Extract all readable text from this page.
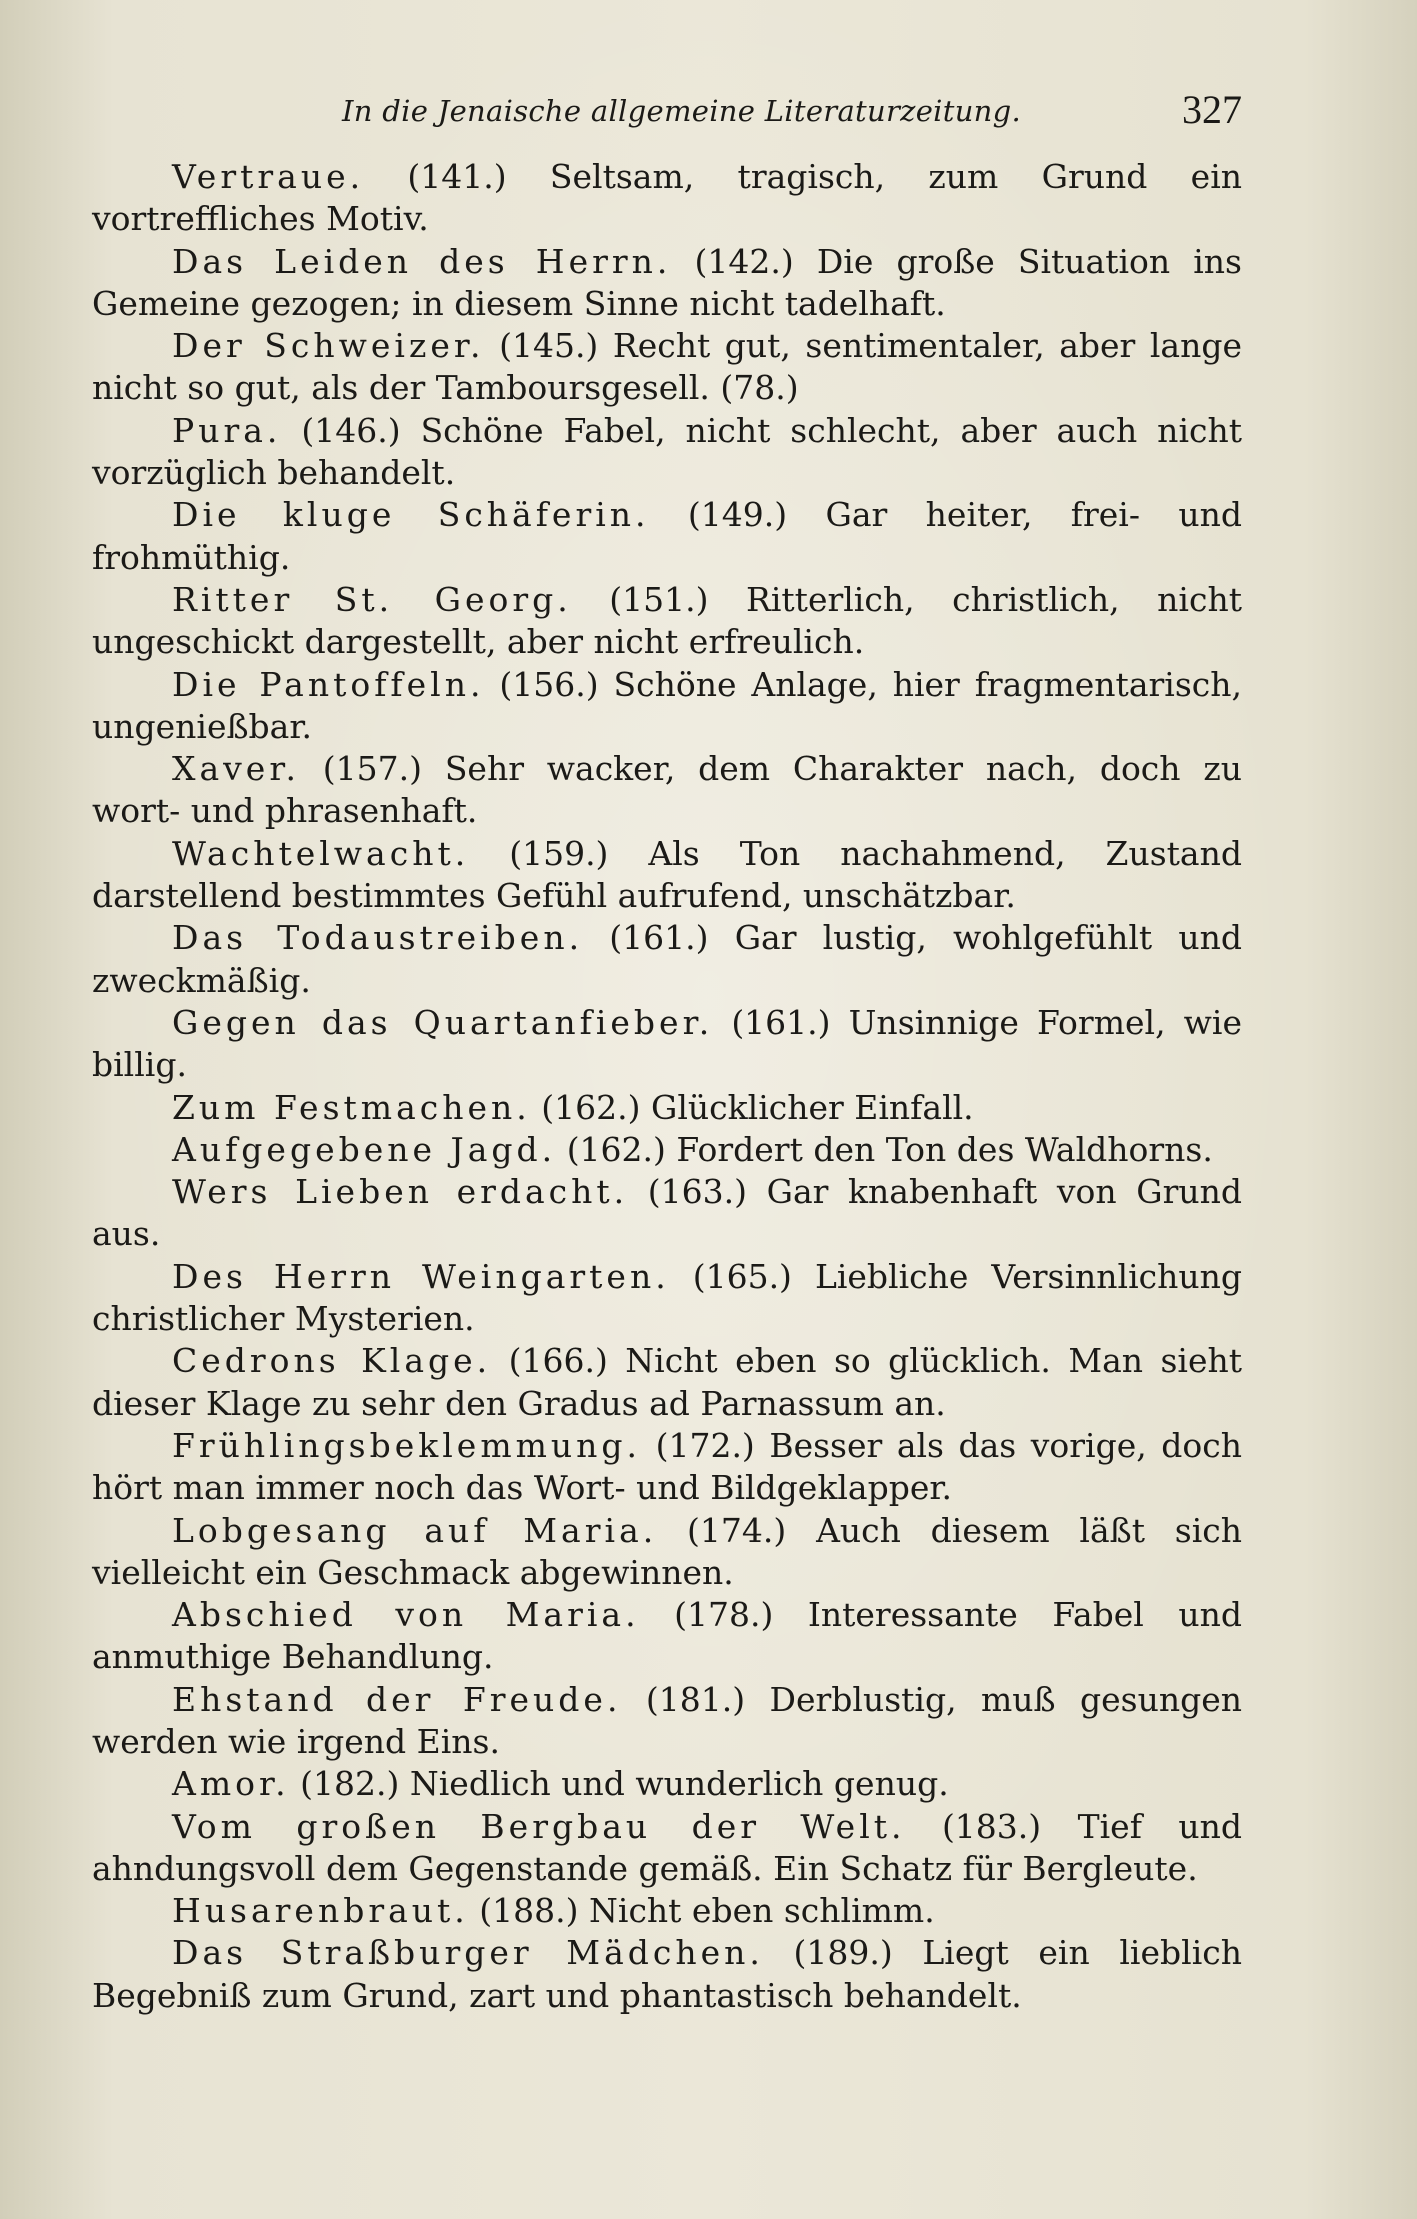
In die Jenaische allgemeine Literaturzeitung.	327

Vertraue. (141.) Seltsam, tragisch, zum Grund ein vortreffliches Motiv.

Das Leiden des Herrn. (142.) Die große Situation ins Gemeine gezogen; in diesem Sinne nicht tadelhaft.

Der Schweizer. (145.) Recht gut, sentimentaler, aber lange nicht so gut, als der Tamboursgesell. (78.)

Pura. (146.) Schöne Fabel, nicht schlecht, aber auch nicht vorzüglich behandelt.

Die kluge Schäferin. (149.) Gar heiter, frei- und frohmüthig.

Ritter St. Georg. (151.) Ritterlich, christlich, nicht ungeschickt dargestellt, aber nicht erfreulich.

Die Pantoffeln. (156.) Schöne Anlage, hier fragmentarisch, ungenießbar.

Xaver. (157.) Sehr wacker, dem Charakter nach, doch zu wort- und phrasenhaft.

Wachtelwacht. (159.) Als Ton nachahmend, Zustand darstellend bestimmtes Gefühl aufrufend, unschätzbar.

Das Todaustreiben. (161.) Gar lustig, wohlgefühlt und zweckmäßig.

Gegen das Quartanfieber. (161.) Unsinnige Formel, wie billig.

Zum Festmachen. (162.) Glücklicher Einfall.

Aufgegebene Jagd. (162.) Fordert den Ton des Waldhorns.

Wers Lieben erdacht. (163.) Gar knabenhaft von Grund aus.

Des Herrn Weingarten. (165.) Liebliche Versinnlichung christlicher Mysterien.

Cedrons Klage. (166.) Nicht eben so glücklich. Man sieht dieser Klage zu sehr den Gradus ad Parnassum an.

Frühlingsbeklemmung. (172.) Besser als das vorige, doch hört man immer noch das Wort- und Bildgeklapper.

Lobgesang auf Maria. (174.) Auch diesem läßt sich vielleicht ein Geschmack abgewinnen.

Abschied von Maria. (178.) Interessante Fabel und anmuthige Behandlung.

Ehstand der Freude. (181.) Derblustig, muß gesungen werden wie irgend Eins.

Amor. (182.) Niedlich und wunderlich genug.

Vom großen Bergbau der Welt. (183.) Tief und ahndungsvoll dem Gegenstande gemäß. Ein Schatz für Bergleute.

Husarenbraut. (188.) Nicht eben schlimm.

Das Straßburger Mädchen. (189.) Liegt ein lieblich Begebniß zum Grund, zart und phantastisch behandelt.
